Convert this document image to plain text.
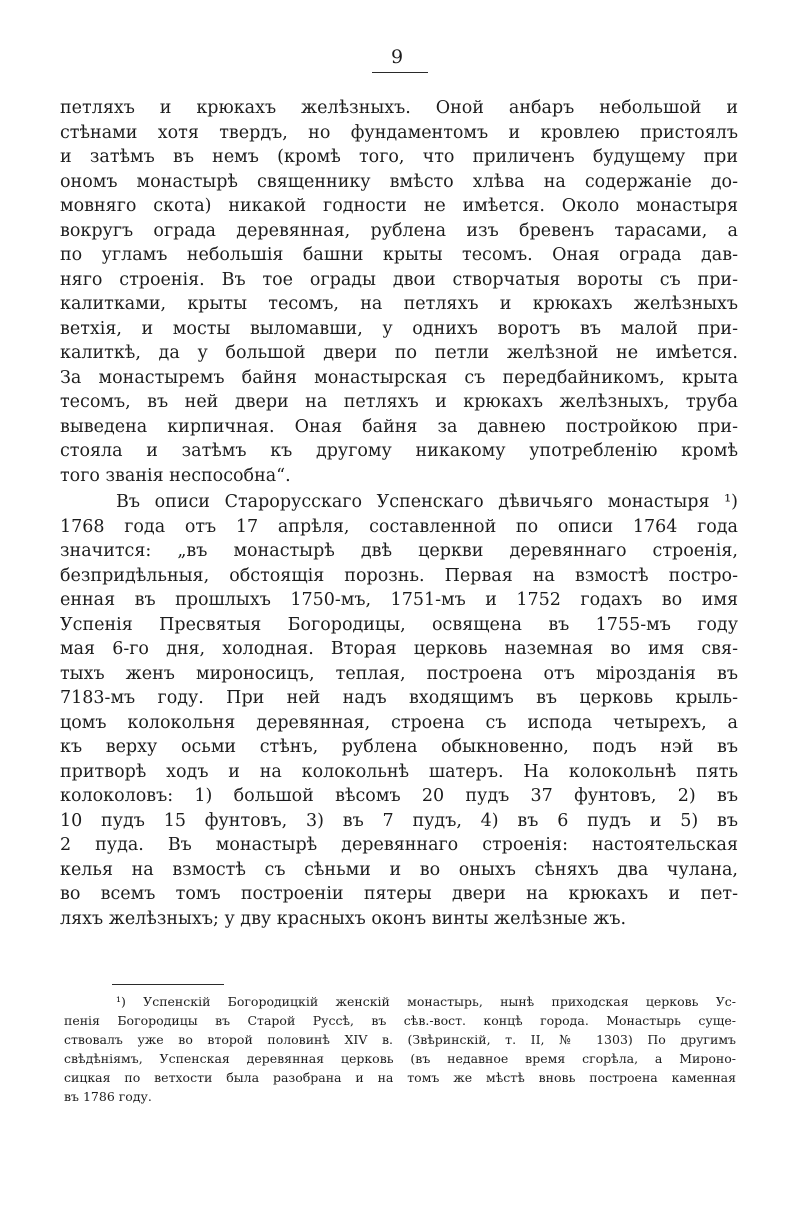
9
петляхъ и крюкахъ желѣзныхъ. Оной анбаръ небольшой и
стѣнами хотя твердъ, но фундаментомъ и кровлею пристоялъ
и затѣмъ въ немъ (кромѣ того, что приличенъ будущему при
ономъ монастырѣ священнику вмѣсто хлѣва на содержаніе до-
мовняго скота) никакой годности не имѣется. Около монастыря
вокругъ ограда деревянная, рублена изъ бревенъ тарасами, а
по угламъ небольшія башни крыты тесомъ. Оная ограда дав-
няго строенія. Въ тое ограды двои створчатыя вороты съ при-
калитками, крыты тесомъ, на петляхъ и крюкахъ желѣзныхъ
ветхія, и мосты выломавши, у однихъ воротъ въ малой при-
калиткѣ, да у большой двери по петли желѣзной не имѣется.
За монастыремъ байня монастырская съ передбайникомъ, крыта
тесомъ, въ ней двери на петляхъ и крюкахъ желѣзныхъ, труба
выведена кирпичная. Оная байня за давнею постройкою при-
стояла и затѣмъ къ другому никакому употребленію кромѣ
того званія неспособна“.
Въ описи Старорусскаго Успенскаго дѣвичьяго монастыря ¹)
1768 года отъ 17 апрѣля, составленной по описи 1764 года
значится: „въ монастырѣ двѣ церкви деревяннаго строенія,
безпридѣльныя, обстоящія порознь. Первая на взмостѣ постро-
енная въ прошлыхъ 1750-мъ, 1751-мъ и 1752 годахъ во имя
Успенія Пресвятыя Богородицы, освящена въ 1755-мъ году
мая 6-го дня, холодная. Вторая церковь наземная во имя свя-
тыхъ женъ мироносицъ, теплая, построена отъ мірозданія въ
7183-мъ году. При ней надъ входящимъ въ церковь крыль-
цомъ колокольня деревянная, строена съ испода четырехъ, а
къ верху осьми стѣнъ, рублена обыкновенно, подъ нэй въ
притворѣ ходъ и на колокольнѣ шатеръ. На колокольнѣ пять
колоколовъ: 1) большой вѣсомъ 20 пудъ 37 фунтовъ, 2) въ
10 пудъ 15 фунтовъ, 3) въ 7 пудъ, 4) въ 6 пудъ и 5) въ
2 пуда. Въ монастырѣ деревяннаго строенія: настоятельская
келья на взмостѣ съ сѣньми и во оныхъ сѣняхъ два чулана,
во всемъ томъ построеніи пятеры двери на крюкахъ и пет-
ляхъ желѣзныхъ; у дву красныхъ оконъ винты желѣзные жъ.
¹) Успенскій Богородицкій женскій монастырь, нынѣ приходская церковь Ус-
пенія Богородицы въ Старой Руссѣ, въ сѣв.-вост. концѣ города. Монастырь суще-
ствовалъ уже во второй половинѣ XIV в. (Звѣринскій, т. II, № 1303) По другимъ
свѣдѣніямъ, Успенская деревянная церковь (въ недавное время сгорѣла, а Мироно-
сицкая по ветхости была разобрана и на томъ же мѣстѣ вновь построена каменная
въ 1786 году.
